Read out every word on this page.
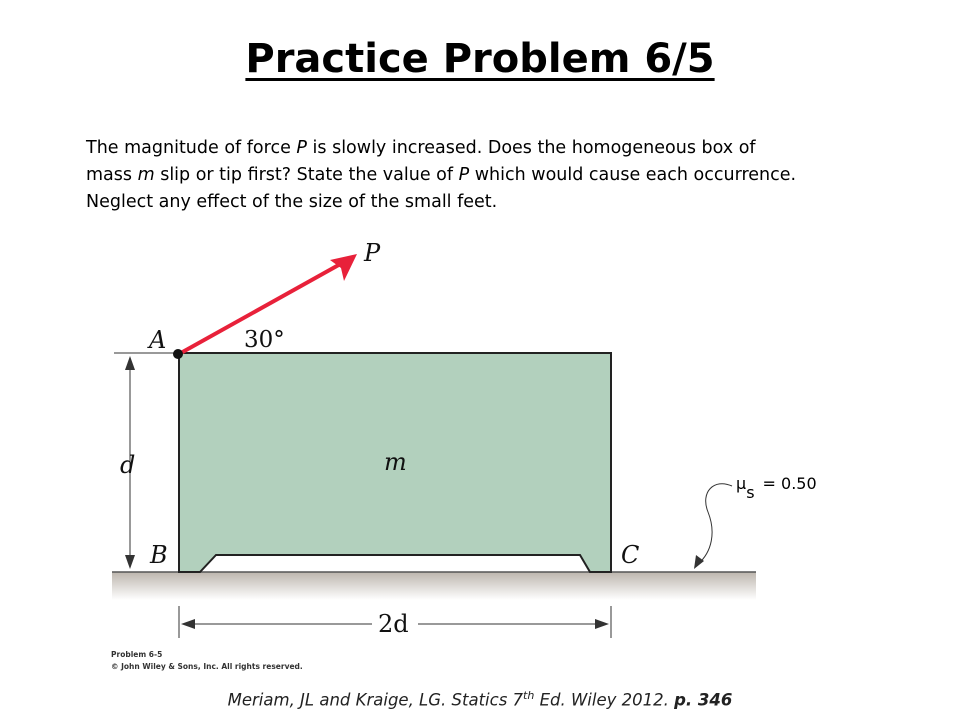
Practice Problem 6/5
The magnitude of force P is slowly increased. Does the homogeneous box of
mass m slip or tip first? State the value of P which would cause each occurrence.
Neglect any effect of the size of the small feet.
d
2d
P
30°
A
B	C
m
μs = 0.50
Problem 6-5
© John Wiley & Sons, Inc. All rights reserved.
Meriam, JL and Kraige, LG. Statics 7th Ed. Wiley 2012. p. 346
